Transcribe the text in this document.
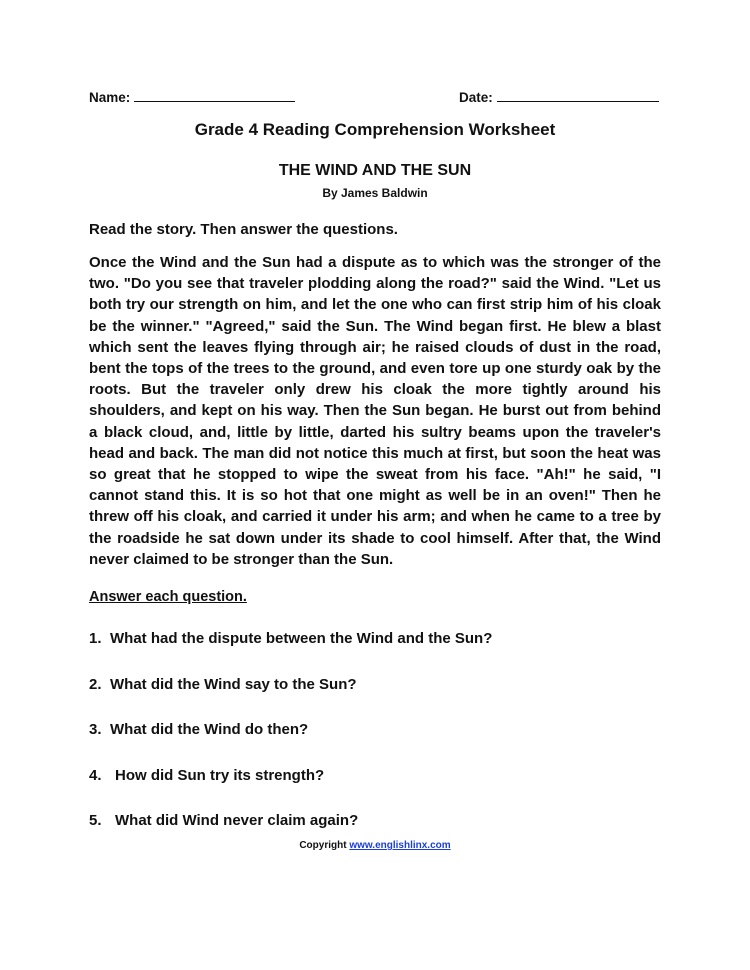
Name:	Date:
Grade 4 Reading Comprehension Worksheet
THE WIND AND THE SUN
By James Baldwin
Read the story. Then answer the questions.

Once the Wind and the Sun had a dispute as to which was the stronger of the two. "Do you see that traveler plodding along the road?" said the Wind. "Let us both try our strength on him, and let the one who can first strip him of his cloak be the winner." "Agreed," said the Sun. The Wind began first. He blew a blast which sent the leaves flying through air; he raised clouds of dust in the road, bent the tops of the trees to the ground, and even tore up one sturdy oak by the roots. But the traveler only drew his cloak the more tightly around his shoulders, and kept on his way. Then the Sun began. He burst out from behind a black cloud, and, little by little, darted his sultry beams upon the traveler's head and back. The man did not notice this much at first, but soon the heat was so great that he stopped to wipe the sweat from his face. "Ah!" he said, "I cannot stand this. It is so hot that one might as well be in an oven!" Then he threw off his cloak, and carried it under his arm; and when he came to a tree by the roadside he sat down under its shade to cool himself. After that, the Wind never claimed to be stronger than the Sun.

Answer each question.
1. What had the dispute between the Wind and the Sun?
2. What did the Wind say to the Sun?
3. What did the Wind do then?
4. How did Sun try its strength?
5. What did Wind never claim again?
Copyright www.englishlinx.com
